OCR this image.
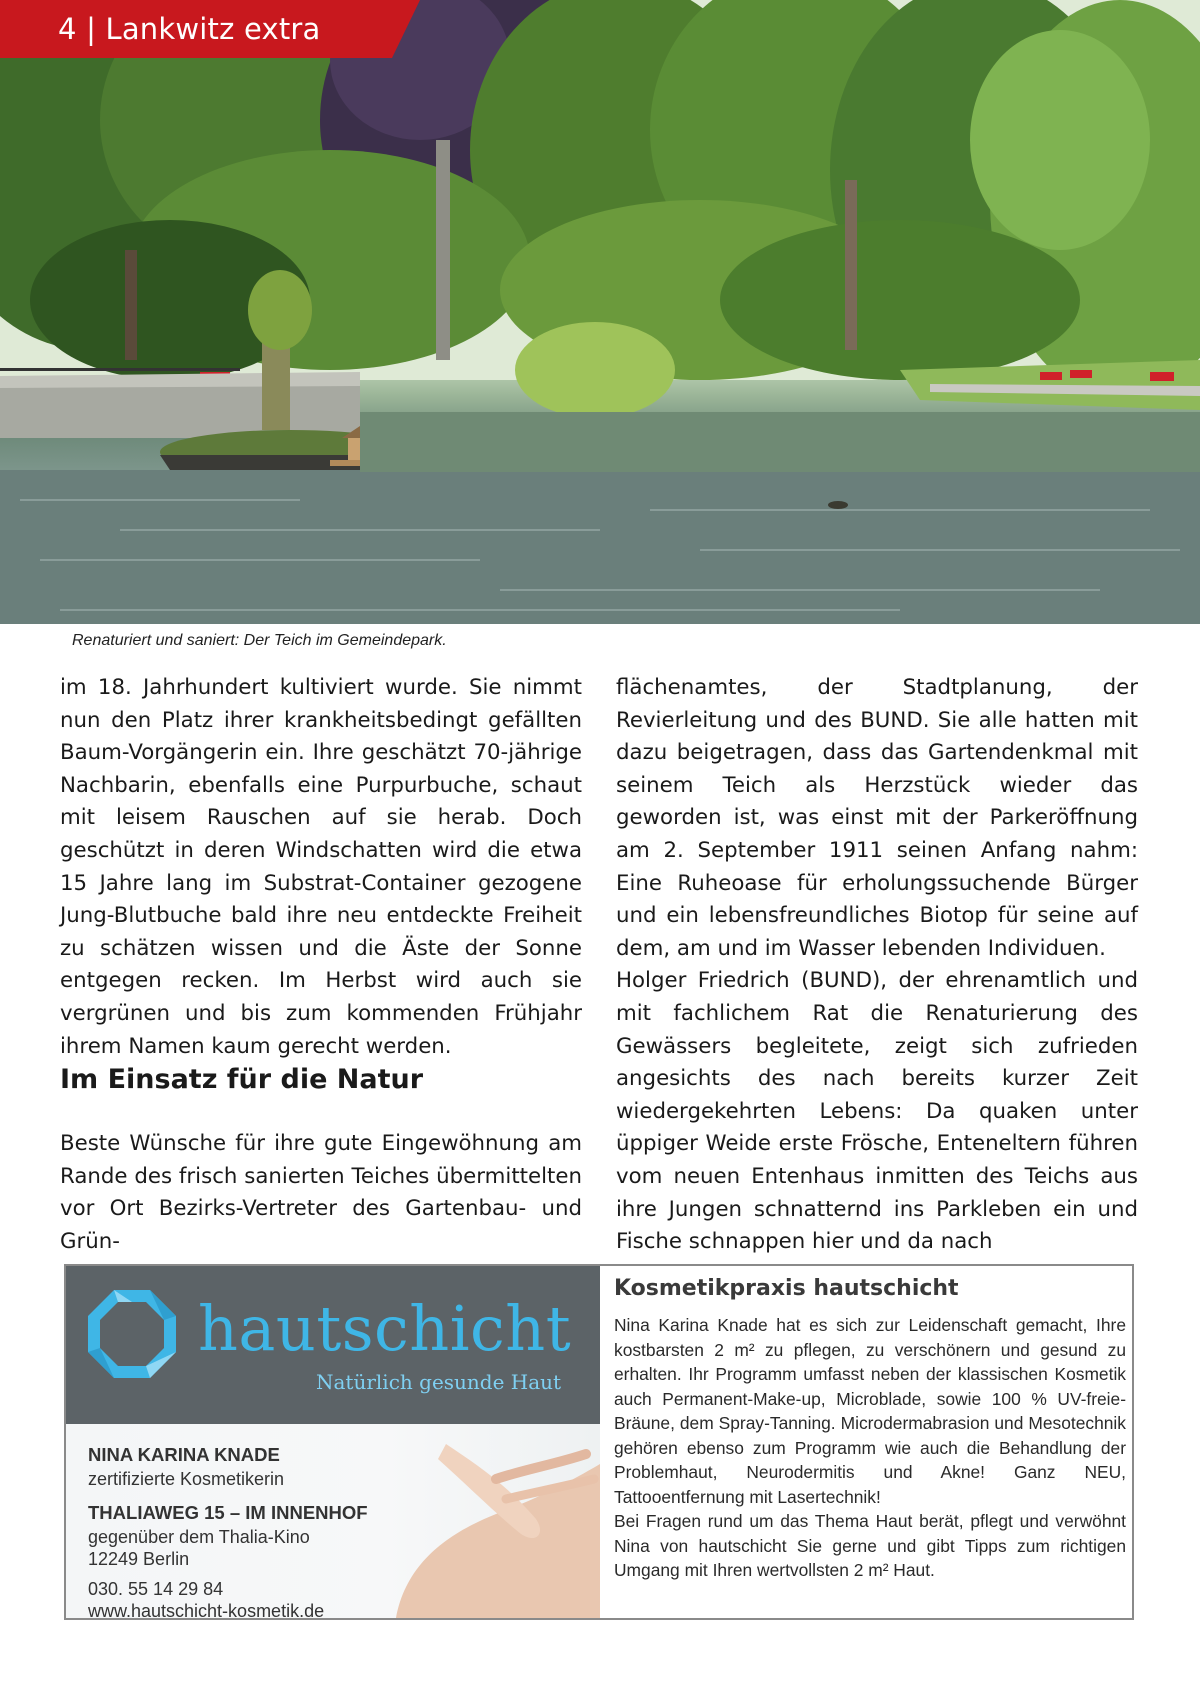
4 | Lankwitz extra
Renaturiert und saniert: Der Teich im Gemeindepark.

im 18. Jahrhundert kultiviert wurde. Sie nimmt nun den Platz ihrer krankheitsbedingt gefällten Baum-Vorgängerin ein. Ihre geschätzt 70-jährige Nachbarin, ebenfalls eine Purpurbuche, schaut mit leisem Rauschen auf sie herab. Doch geschützt in deren Windschatten wird die etwa 15 Jahre lang im Substrat-Container gezogene Jung-Blutbuche bald ihre neu entdeckte Freiheit zu schätzen wissen und die Äste der Sonne entgegen recken. Im Herbst wird auch sie vergrünen und bis zum kommenden Frühjahr ihrem Namen kaum gerecht werden.

Im Einsatz für die Natur

Beste Wünsche für ihre gute Eingewöhnung am Rande des frisch sanierten Teiches übermittelten vor Ort Bezirks-Vertreter des Gartenbau- und Grün-

flächenamtes, der Stadtplanung, der Revierleitung und des BUND. Sie alle hatten mit dazu beigetragen, dass das Gartendenkmal mit seinem Teich als Herzstück wieder das geworden ist, was einst mit der Parkeröffnung am 2. September 1911 seinen Anfang nahm: Eine Ruheoase für erholungssuchende Bürger und ein lebensfreundliches Biotop für seine auf dem, am und im Wasser lebenden Individuen.

Holger Friedrich (BUND), der ehrenamtlich und mit fachlichem Rat die Renaturierung des Gewässers begleitete, zeigt sich zufrieden angesichts des nach bereits kurzer Zeit wiedergekehrten Lebens: Da quaken unter üppiger Weide erste Frösche, Enteneltern führen vom neuen Entenhaus inmitten des Teichs aus ihre Jungen schnatternd ins Parkleben ein und Fische schnappen hier und da nach

hautschicht
Natürlich gesunde Haut
NINA KARINA KNADE
zertifizierte Kosmetikerin
THALIAWEG 15 – IM INNENHOF
gegenüber dem Thalia-Kino
12249 Berlin
030. 55 14 29 84
www.hautschicht-kosmetik.de
Kosmetikpraxis hautschicht

Nina Karina Knade hat es sich zur Leidenschaft gemacht, Ihre kostbarsten 2 m² zu pflegen, zu verschönern und gesund zu erhalten. Ihr Programm umfasst neben der klassischen Kosmetik auch Permanent-Make-up, Microblade, sowie 100 % UV-freie-Bräune, dem Spray-Tanning. Microdermabrasion und Mesotechnik gehören ebenso zum Programm wie auch die Behandlung der Problemhaut, Neurodermitis und Akne! Ganz NEU, Tattooentfernung mit Lasertechnik!

Bei Fragen rund um das Thema Haut berät, pflegt und verwöhnt Nina von hautschicht Sie gerne und gibt Tipps zum richtigen Umgang mit Ihren wertvollsten 2 m² Haut.
